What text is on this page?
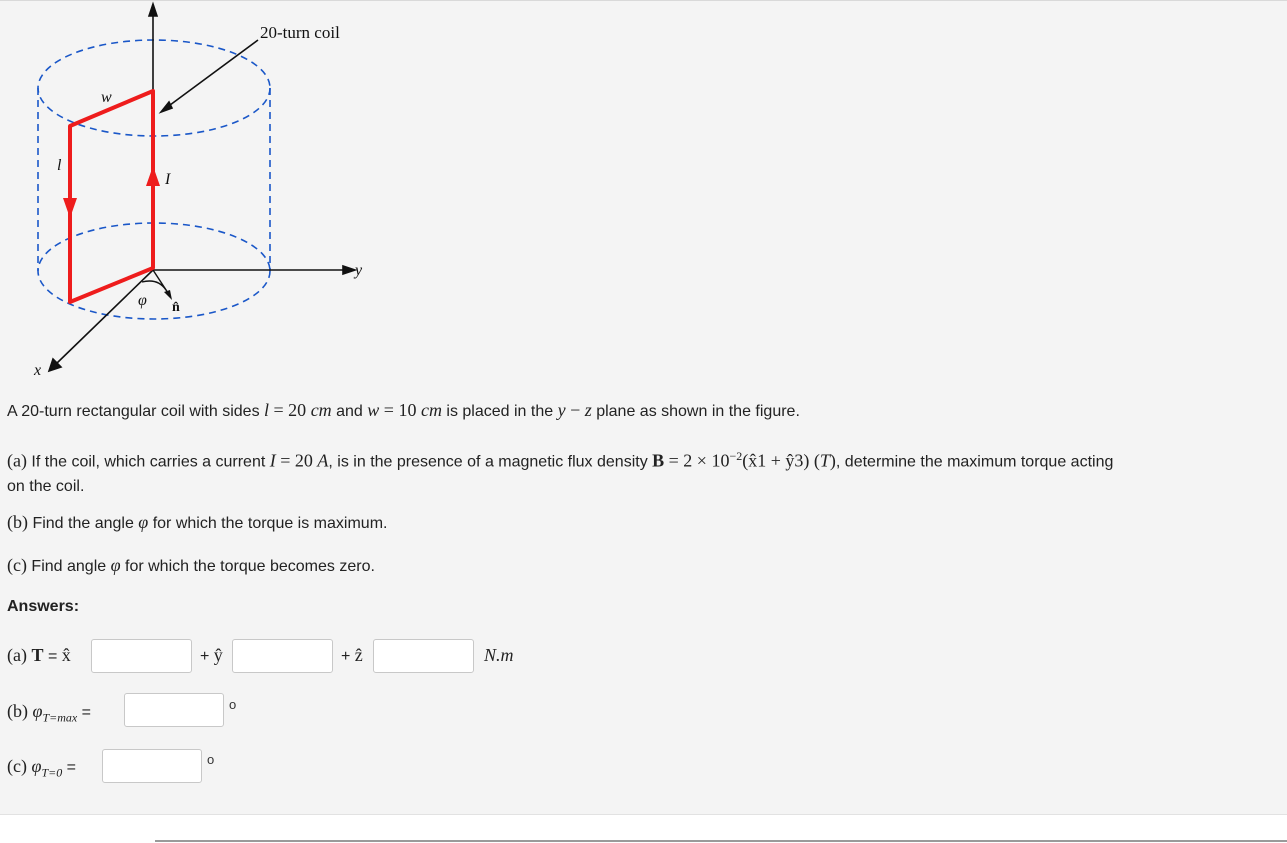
20-turn coil
w
l
I
y
x
φ n̂
A 20-turn rectangular coil with sides l = 20 cm and w = 10 cm is placed in the y − z plane as shown in the figure.
(a) If the coil, which carries a current I = 20 A, is in the presence of a magnetic flux density $B = 2 \times 10^{-2}(x̂1$ + ŷ3) (T), determine the maximum torque acting
on the coil.
(b) Find the angle φ for which the torque is maximum.
(c) Find angle φ for which the torque becomes zero.
Answers:
(a) T = x̂	+ ŷ	+ ẑ	N.m
(b) $\varphi_{T=max}$ =	o
(c) $\varphi_{T=0}$ =	o
